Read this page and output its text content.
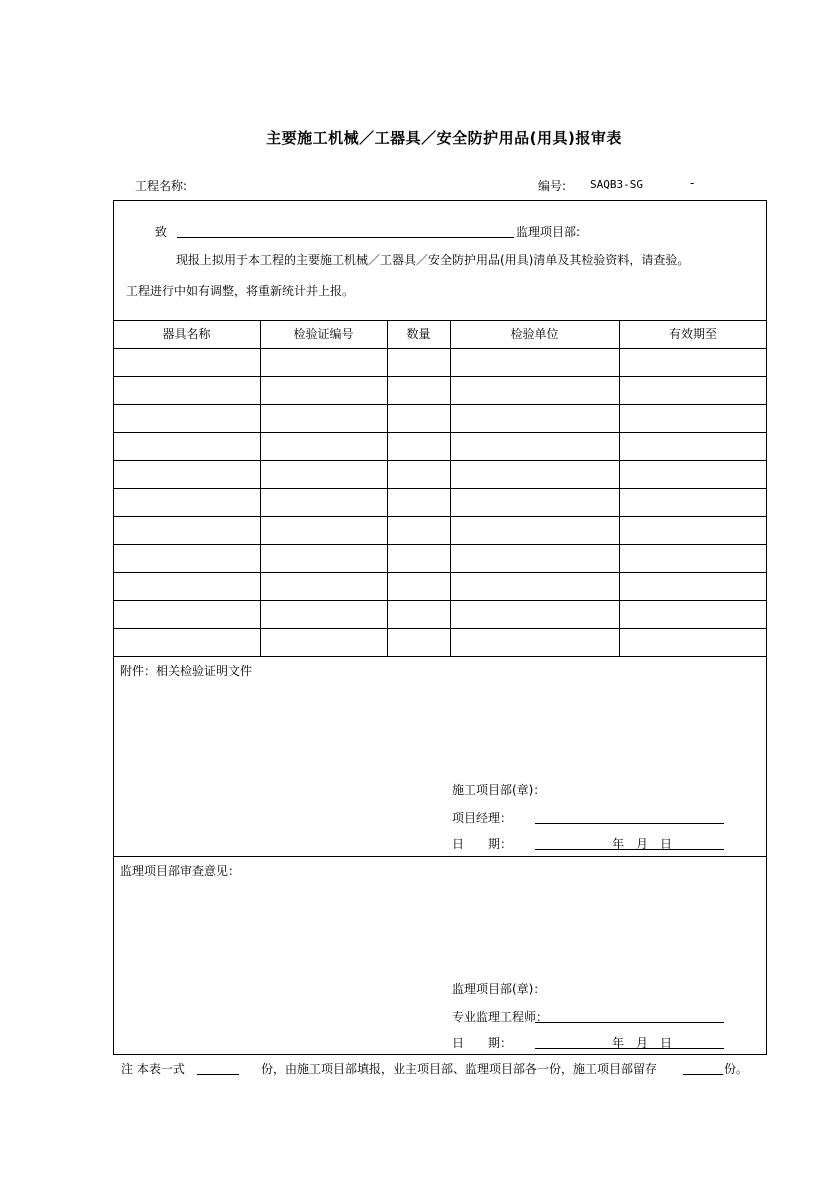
主要施工机械／工器具／安全防护用品(用具)报审表
工程名称:	编号: SAQB3-SG	-
致	监理项目部:
现报上拟用于本工程的主要施工机械／工器具／安全防护用品(用具)清单及其检验资料，请查验。
工程进行中如有调整，将重新统计并上报。
器具名称	检验证编号	数量	检验单位	有效期至
附件：相关检验证明文件
施工项目部(章)：
项目经理：
日　　期：	年　月　日
监理项目部审查意见：
监理项目部(章)：
专业监理工程师：
日　　期：	年　月　日
注 本表一式	份，由施工项目部填报，业主项目部、监理项目部各一份，施工项目部留存	份。
